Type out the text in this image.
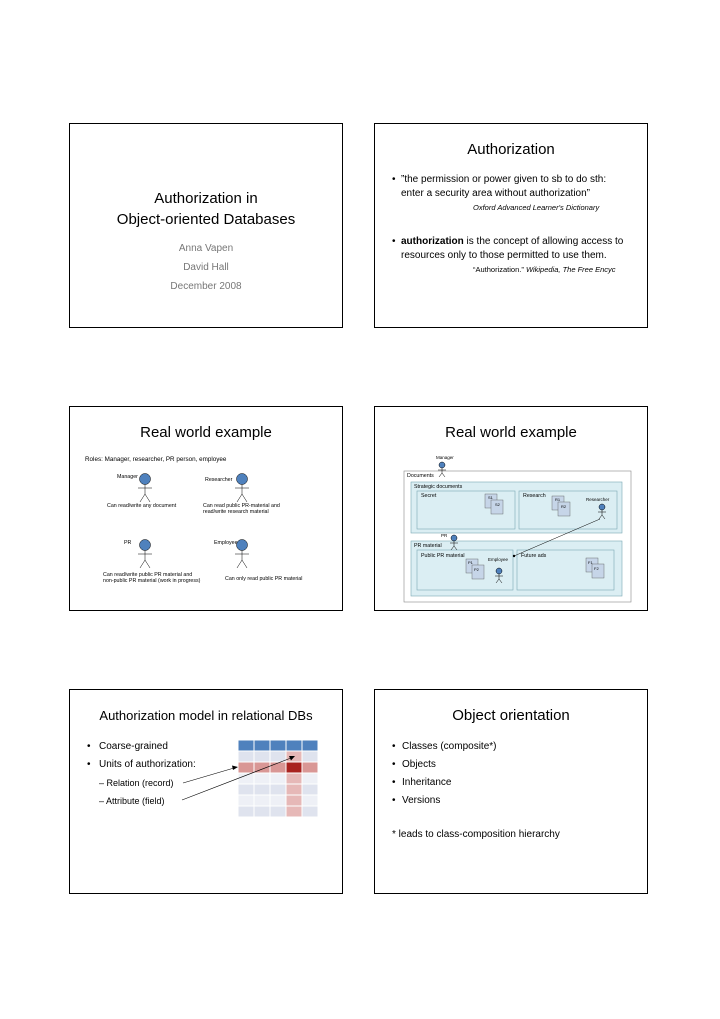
Authorization in
Object-oriented Databases
Anna Vapen
David Hall
December 2008
Authorization
• ”the permission or power given to sb to do sth:
enter a security area without authorization”
Oxford Advanced Learner's Dictionary
• authorization is the concept of allowing access to
resources only to those permitted to use them.
“Authorization.” Wikipedia, The Free Encyc
Real world example
Roles: Manager, researcher, PR person, employee
Manager	Researcher
Can read/write any document	Can read public PR-material and
read/write research material
PR	Employee
Can read/write public PR material and
non-public PR material (work in progress)	Can only read public PR material
Real world example
Manager
Documents
Strategic documents
Secret	Research
Researcher
S1
S2
R1
R2
PR
PR material
Public PR material
Employee
Future ads
P1
P2
F1
F2
Authorization model in relational DBs
• Coarse-grained
• Units of authorization:
– Relation (record)
– Attribute (field)
Object orientation
• Classes (composite*)
• Objects
• Inheritance
• Versions
* leads to class-composition hierarchy
